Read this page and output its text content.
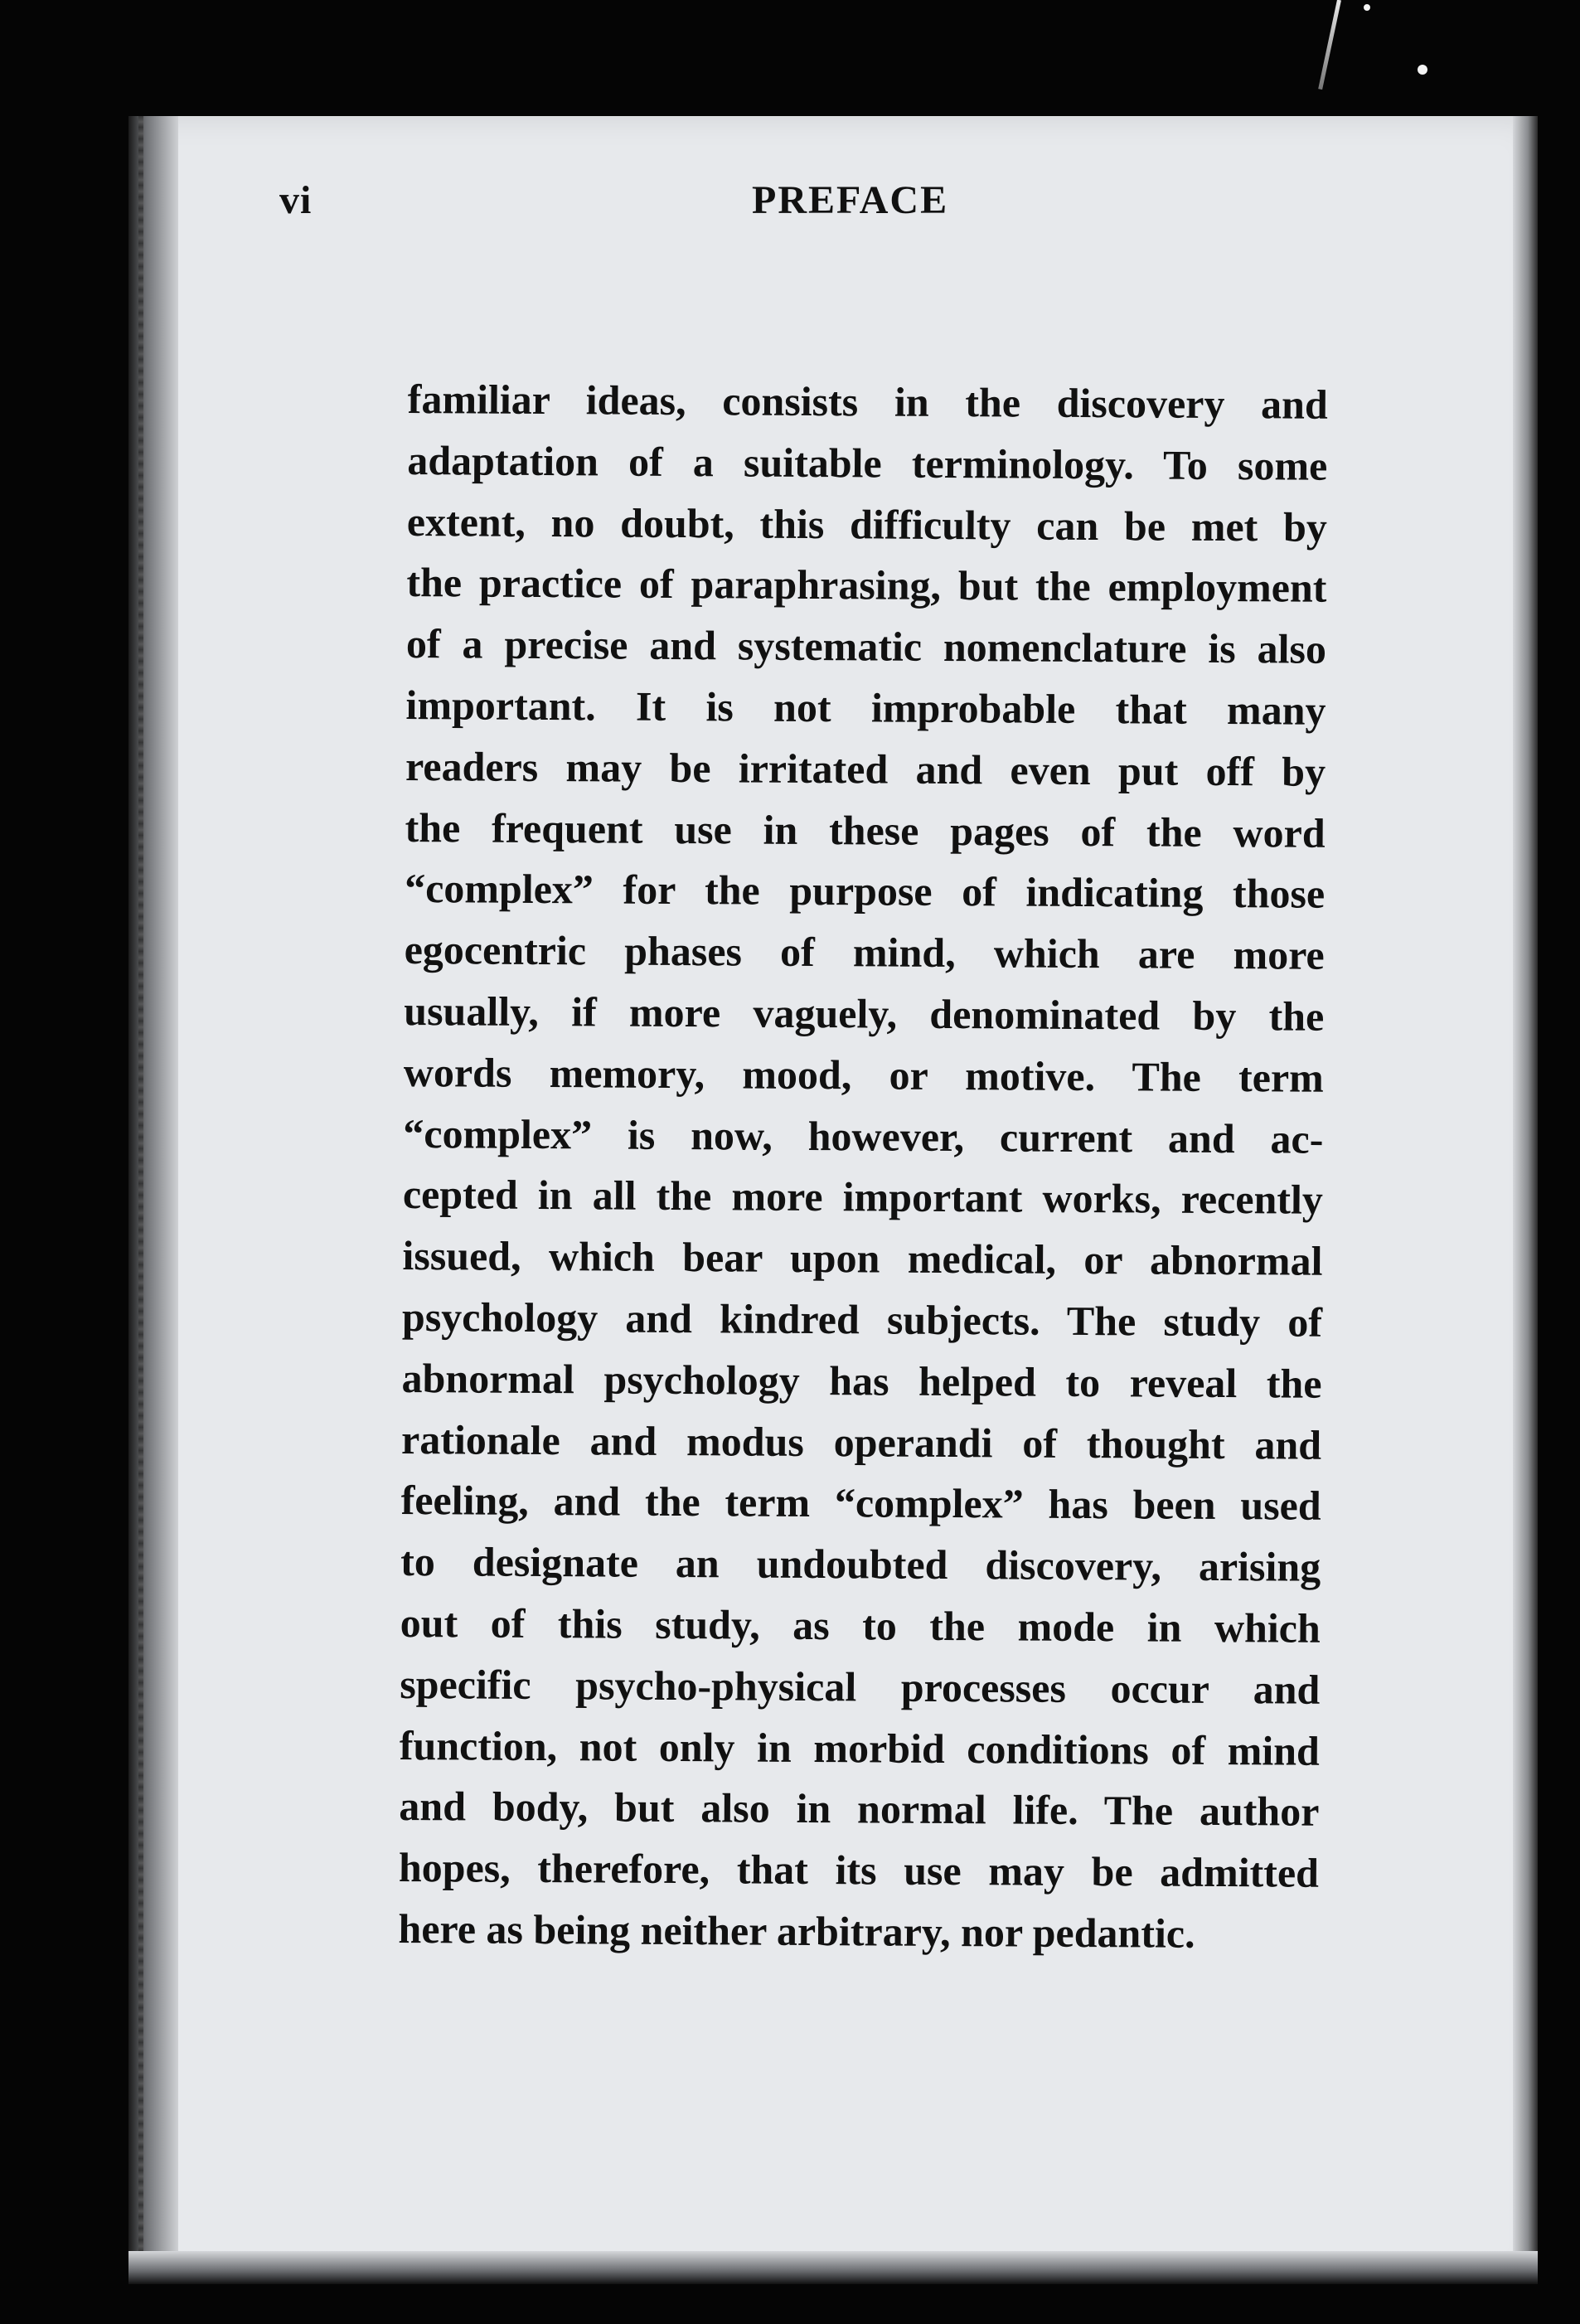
vi	PREFACE
familiar ideas, consists in the discovery and
adaptation of a suitable terminology. To some
extent, no doubt, this difficulty can be met by
the practice of paraphrasing, but the employment
of a precise and systematic nomenclature is also
important. It is not improbable that many
readers may be irritated and even put off by
the frequent use in these pages of the word
“complex” for the purpose of indicating those
egocentric phases of mind, which are more
usually, if more vaguely, denominated by the
words memory, mood, or motive. The term
“complex” is now, however, current and ac-
cepted in all the more important works, recently
issued, which bear upon medical, or abnormal
psychology and kindred subjects. The study of
abnormal psychology has helped to reveal the
rationale and modus operandi of thought and
feeling, and the term “complex” has been used
to designate an undoubted discovery, arising
out of this study, as to the mode in which
specific psycho-physical processes occur and
function, not only in morbid conditions of mind
and body, but also in normal life. The author
hopes, therefore, that its use may be admitted
here as being neither arbitrary, nor pedantic.
